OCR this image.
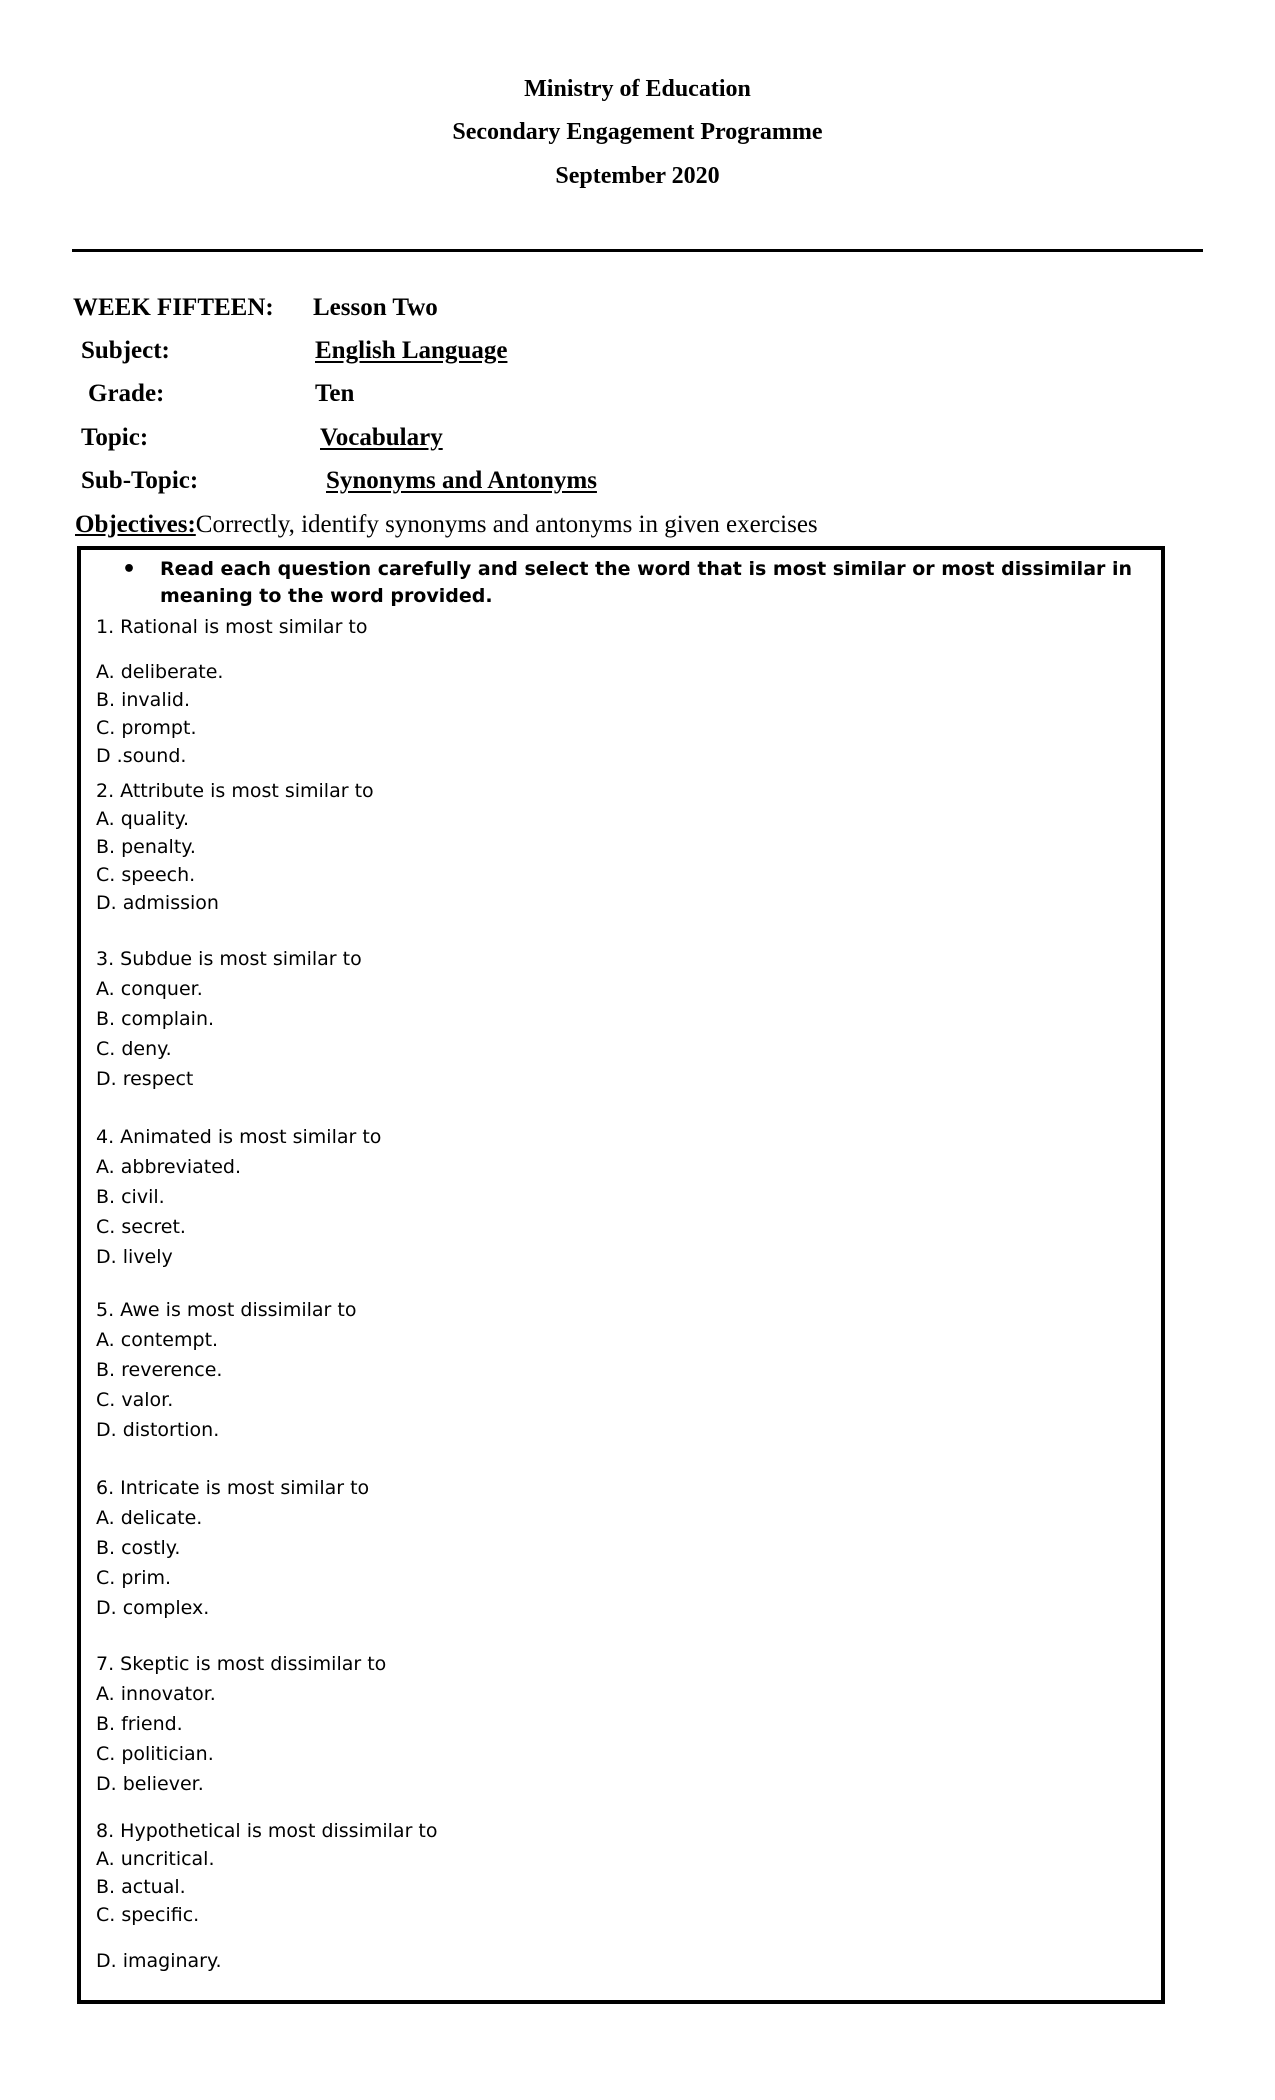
Ministry of Education
Secondary Engagement Programme
September 2020
WEEK FIFTEEN: Lesson Two
Subject:	English Language
Grade:	Ten
Topic:	Vocabulary
Sub-Topic:	Synonyms and Antonyms
Objectives:Correctly, identify synonyms and antonyms in given exercises
• Read each question carefully and select the word that is most similar or most dissimilar in meaning to the word provided.
1. Rational is most similar to
A. deliberate.
B. invalid.
C. prompt.
D .sound.
2. Attribute is most similar to
A. quality.
B. penalty.
C. speech.
D. admission
3. Subdue is most similar to
A. conquer.
B. complain.
C. deny.
D. respect
4. Animated is most similar to
A. abbreviated.
B. civil.
C. secret.
D. lively
5. Awe is most dissimilar to
A. contempt.
B. reverence.
C. valor.
D. distortion.
6. Intricate is most similar to
A. delicate.
B. costly.
C. prim.
D. complex.
7. Skeptic is most dissimilar to
A. innovator.
B. friend.
C. politician.
D. believer.
8. Hypothetical is most dissimilar to
A. uncritical.
B. actual.
C. specific.
D. imaginary.
